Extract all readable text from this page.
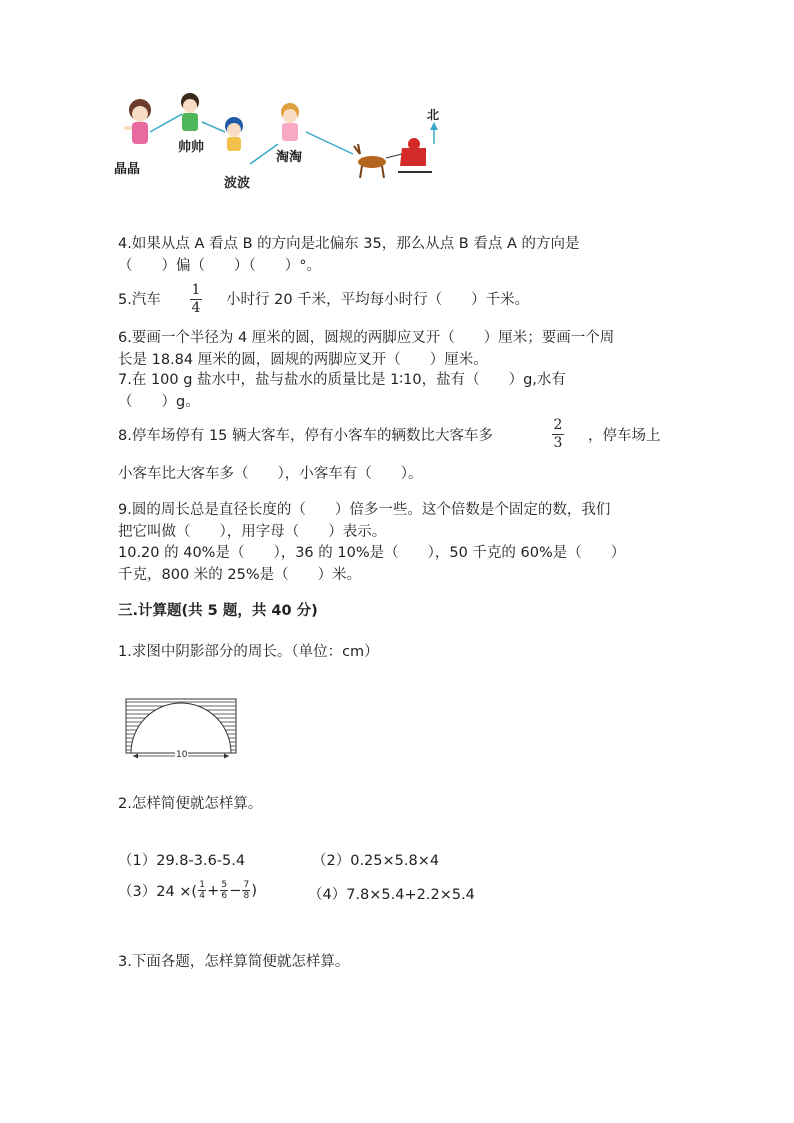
晶晶
帅帅
波波
淘淘
北
4.如果从点 A 看点 B 的方向是北偏东 35，那么从点 B 看点 A 的方向是
（　　）偏（　　）（　　）°。
5.汽车
1
4 小时行 20 千米，平均每小时行（　　）千米。
6.要画一个半径为 4 厘米的圆，圆规的两脚应叉开（　　）厘米；要画一个周
长是 18.84 厘米的圆，圆规的两脚应叉开（　　）厘米。
7.在 100 g 盐水中，盐与盐水的质量比是 1∶10，盐有（　　）g,水有
（　　）g。
8.停车场停有 15 辆大客车，停有小客车的辆数比大客车多
2
3 ，停车场上
小客车比大客车多（　　），小客车有（　　）。
9.圆的周长总是直径长度的（　　）倍多一些。这个倍数是个固定的数，我们
把它叫做（　　），用字母（　　）表示。
10.20 的 40%是（　　），36 的 10%是（　　），50 千克的 60%是（　　）
千克，800 米的 25%是（　　）米。
三.计算题(共 5 题，共 40 分)
1.求图中阴影部分的周长。（单位：cm）
10
2.怎样简便就怎样算。
（1）29.8-3.6-5.4	（2）0.25×5.8×4
（3）24 ×( 1
4 + 5
6 − 7
8 )	（4）7.8×5.4+2.2×5.4
3.下面各题，怎样算简便就怎样算。
